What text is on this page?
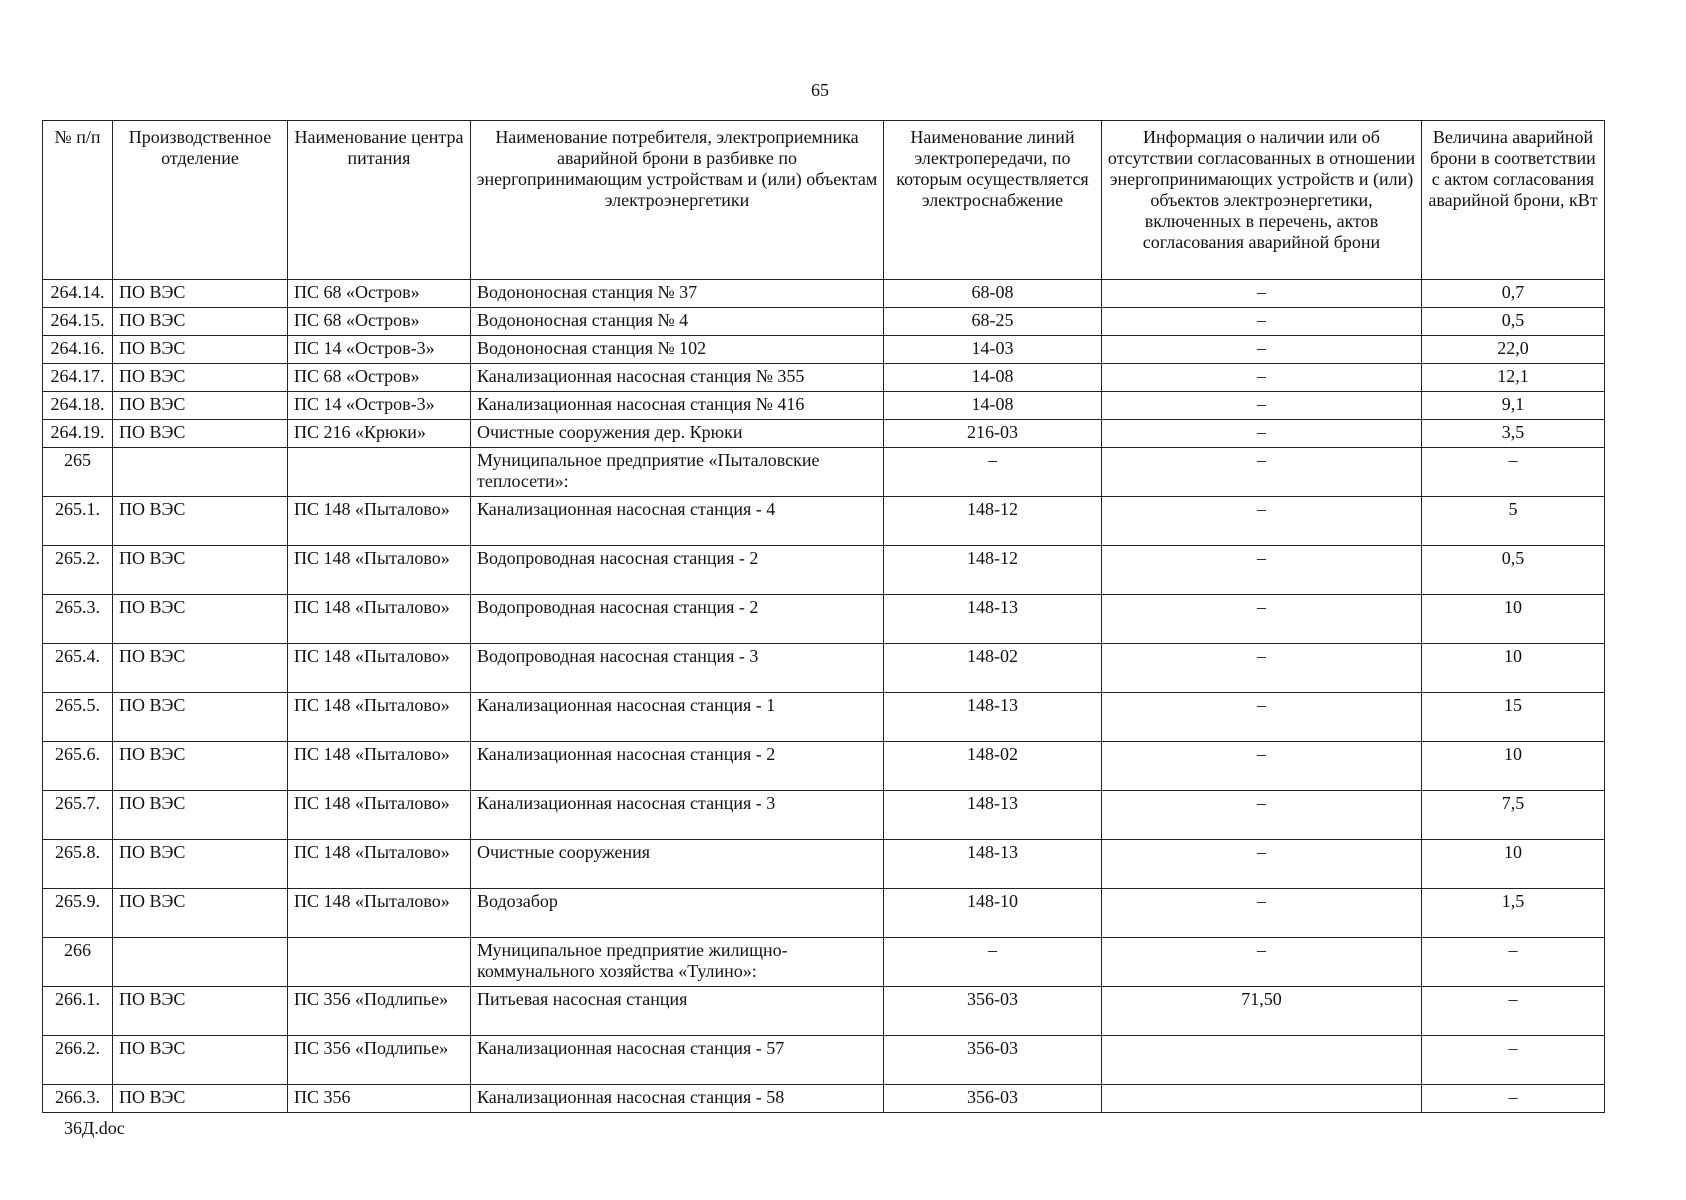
65
№ п/п	Производственное отделение	Наименование центра питания	Наименование потребителя, электроприемника аварийной брони в разбивке по энергопринимающим устройствам и (или) объектам электроэнергетики	Наименование линий электропередачи, по которым осуществляется электроснабжение	Информация о наличии или об отсутствии согласованных в отношении энергопринимающих устройств и (или) объектов электроэнергетики, включенных в перечень, актов согласования аварийной брони	Величина аварийной брони в соответствии с актом согласования аварийной брони, кВт
264.14.	ПО ВЭС	ПС 68 «Остров»	Водононосная станция № 37	68-08	–	0,7
264.15.	ПО ВЭС	ПС 68 «Остров»	Водононосная станция № 4	68-25	–	0,5
264.16.	ПО ВЭС	ПС 14 «Остров-3»	Водононосная станция № 102	14-03	–	22,0
264.17.	ПО ВЭС	ПС 68 «Остров»	Канализационная насосная станция № 355	14-08	–	12,1
264.18.	ПО ВЭС	ПС 14 «Остров-3»	Канализационная насосная станция № 416	14-08	–	9,1
264.19.	ПО ВЭС	ПС 216 «Крюки»	Очистные сооружения дер. Крюки	216-03	–	3,5
265			Муниципальное предприятие «Пыталовские теплосети»:	–	–	–
265.1.	ПО ВЭС	ПС 148 «Пыталово»	Канализационная насосная станция - 4	148-12	–	5
265.2.	ПО ВЭС	ПС 148 «Пыталово»	Водопроводная насосная станция - 2	148-12	–	0,5
265.3.	ПО ВЭС	ПС 148 «Пыталово»	Водопроводная насосная станция - 2	148-13	–	10
265.4.	ПО ВЭС	ПС 148 «Пыталово»	Водопроводная насосная станция - 3	148-02	–	10
265.5.	ПО ВЭС	ПС 148 «Пыталово»	Канализационная насосная станция - 1	148-13	–	15
265.6.	ПО ВЭС	ПС 148 «Пыталово»	Канализационная насосная станция - 2	148-02	–	10
265.7.	ПО ВЭС	ПС 148 «Пыталово»	Канализационная насосная станция - 3	148-13	–	7,5
265.8.	ПО ВЭС	ПС 148 «Пыталово»	Очистные сооружения	148-13	–	10
265.9.	ПО ВЭС	ПС 148 «Пыталово»	Водозабор	148-10	–	1,5
266			Муниципальное предприятие жилищно-коммунального хозяйства «Тулино»:	–	–	–
266.1.	ПО ВЭС	ПС 356 «Подлипье»	Питьевая насосная станция	356-03	71,50	–
266.2.	ПО ВЭС	ПС 356 «Подлипье»	Канализационная насосная станция - 57	356-03		–
266.3.	ПО ВЭС	ПС 356	Канализационная насосная станция - 58	356-03		–
36Д.doc
